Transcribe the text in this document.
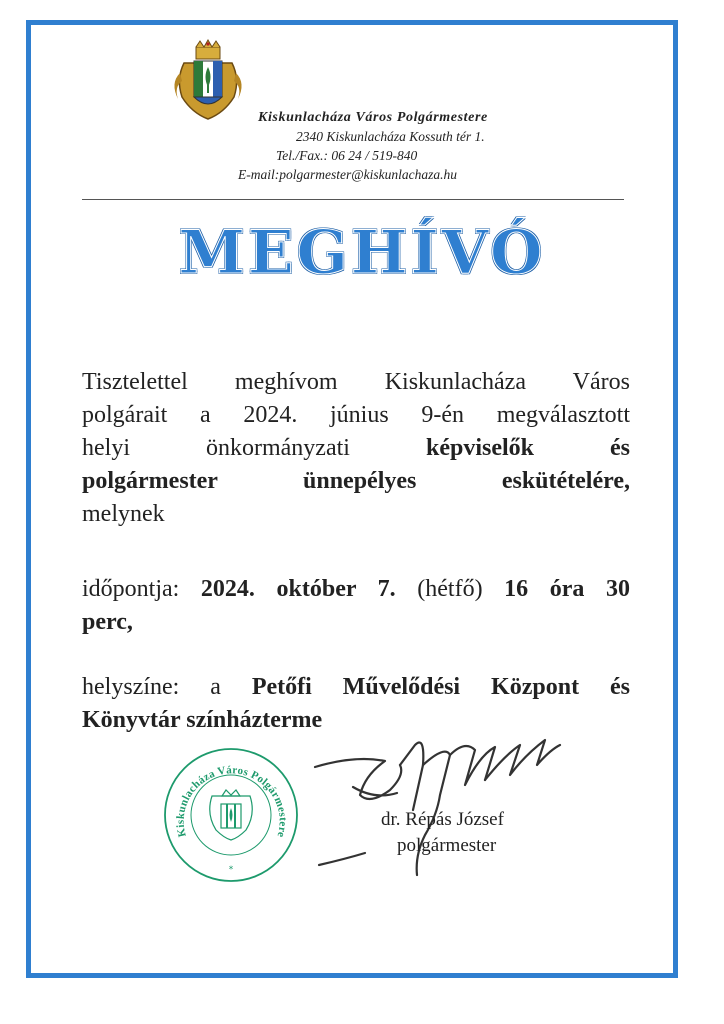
Kiskunlacháza Város Polgármestere
2340 Kiskunlacháza Kossuth tér 1.
Tel./Fax.: 06 24 / 519-840
E-mail:polgarmester@kiskunlachaza.hu
MEGHÍVÓ
Tisztelettel meghívom Kiskunlacháza Város
polgárait a 2024. június 9-én megválasztott
helyi önkormányzati képviselők és
polgármester ünnepélyes eskütételére,
melynek
időpontja: 2024. október 7. (hétfő) 16 óra 30
perc,
helyszíne: a Petőfi Művelődési Központ és
Könyvtár színházterme
Kiskunlacháza Város Polgármestere
*
dr. Répás József
polgármester
